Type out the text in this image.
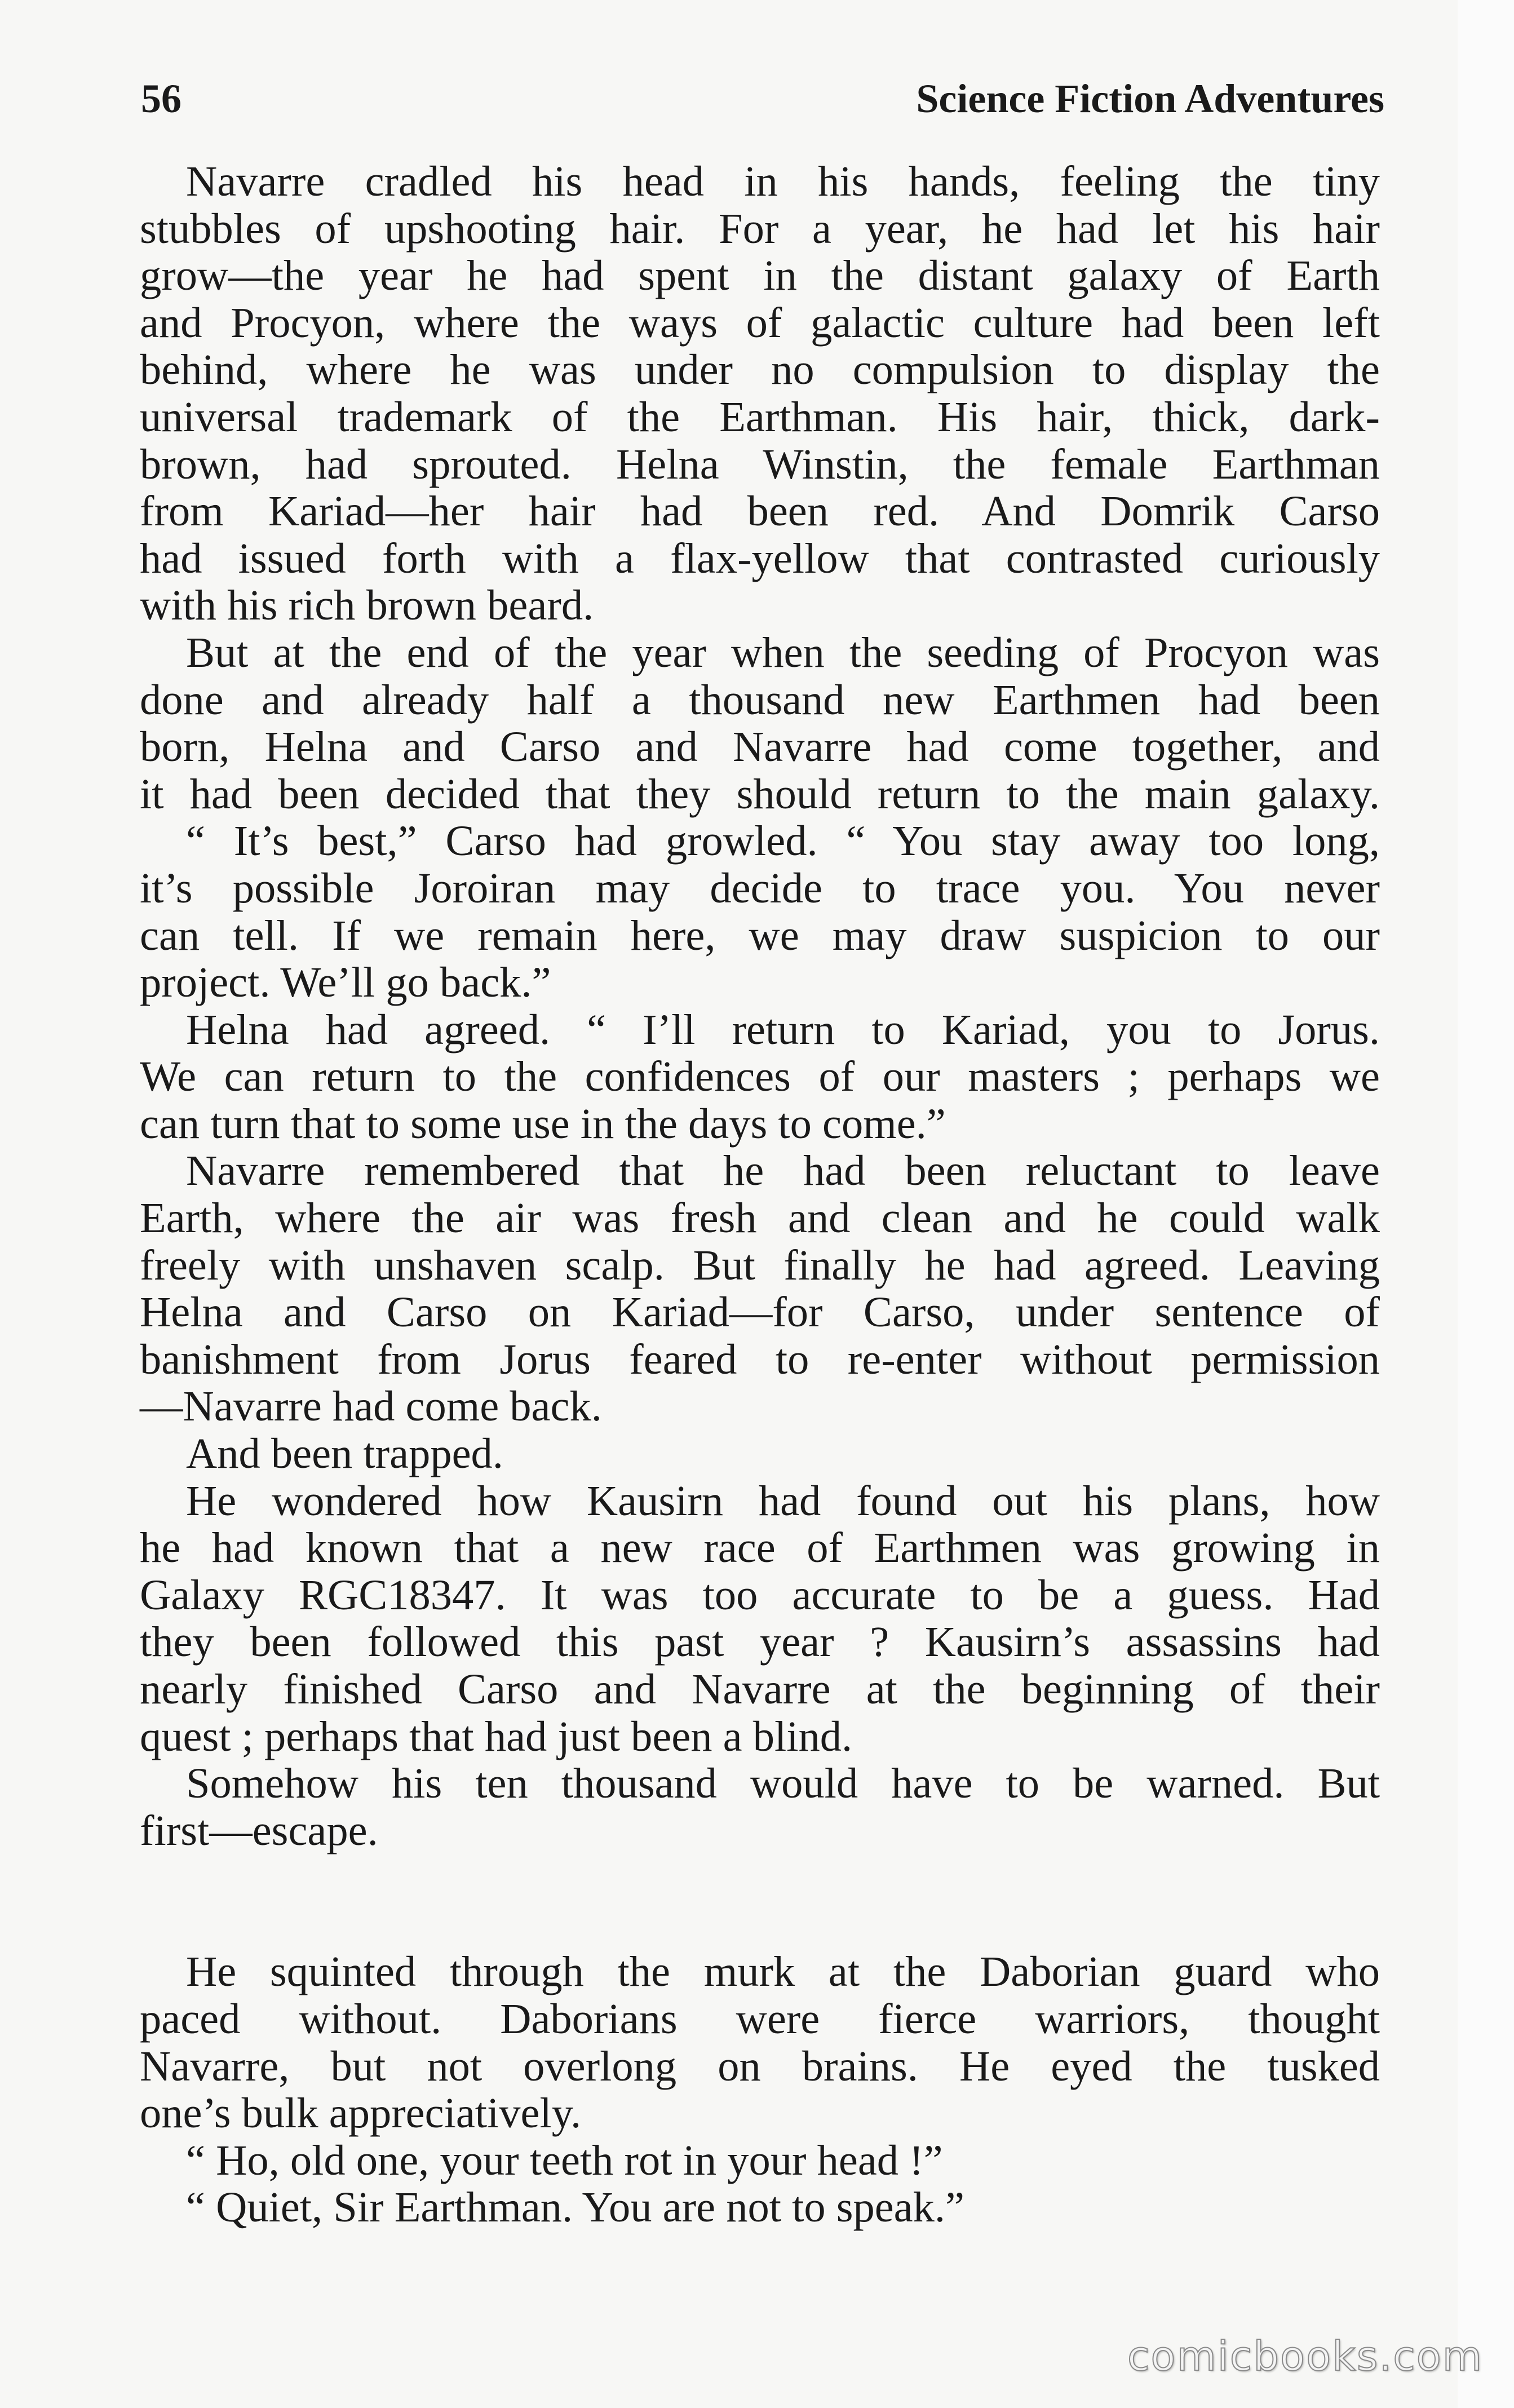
56	Science Fiction Adventures
Navarre cradled his head in his hands, feeling the tiny
stubbles of upshooting hair. For a year, he had let his hair
grow—the year he had spent in the distant galaxy of Earth
and Procyon, where the ways of galactic culture had been left
behind, where he was under no compulsion to display the
universal trademark of the Earthman. His hair, thick, dark-
brown, had sprouted. Helna Winstin, the female Earthman
from Kariad—her hair had been red. And Domrik Carso
had issued forth with a flax-yellow that contrasted curiously
with his rich brown beard.
But at the end of the year when the seeding of Procyon was
done and already half a thousand new Earthmen had been
born, Helna and Carso and Navarre had come together, and
it had been decided that they should return to the main galaxy.
“ It’s best,” Carso had growled. “ You stay away too long,
it’s possible Joroiran may decide to trace you. You never
can tell. If we remain here, we may draw suspicion to our
project. We’ll go back.”
Helna had agreed. “ I’ll return to Kariad, you to Jorus.
We can return to the confidences of our masters ; perhaps we
can turn that to some use in the days to come.”
Navarre remembered that he had been reluctant to leave
Earth, where the air was fresh and clean and he could walk
freely with unshaven scalp. But finally he had agreed. Leaving
Helna and Carso on Kariad—for Carso, under sentence of
banishment from Jorus feared to re-enter without permission
—Navarre had come back.
And been trapped.
He wondered how Kausirn had found out his plans, how
he had known that a new race of Earthmen was growing in
Galaxy RGC18347. It was too accurate to be a guess. Had
they been followed this past year ? Kausirn’s assassins had
nearly finished Carso and Navarre at the beginning of their
quest ; perhaps that had just been a blind.
Somehow his ten thousand would have to be warned. But
first—escape.
He squinted through the murk at the Daborian guard who
paced without. Daborians were fierce warriors, thought
Navarre, but not overlong on brains. He eyed the tusked
one’s bulk appreciatively.
“ Ho, old one, your teeth rot in your head !”
“ Quiet, Sir Earthman. You are not to speak.”
comicbooks.com
